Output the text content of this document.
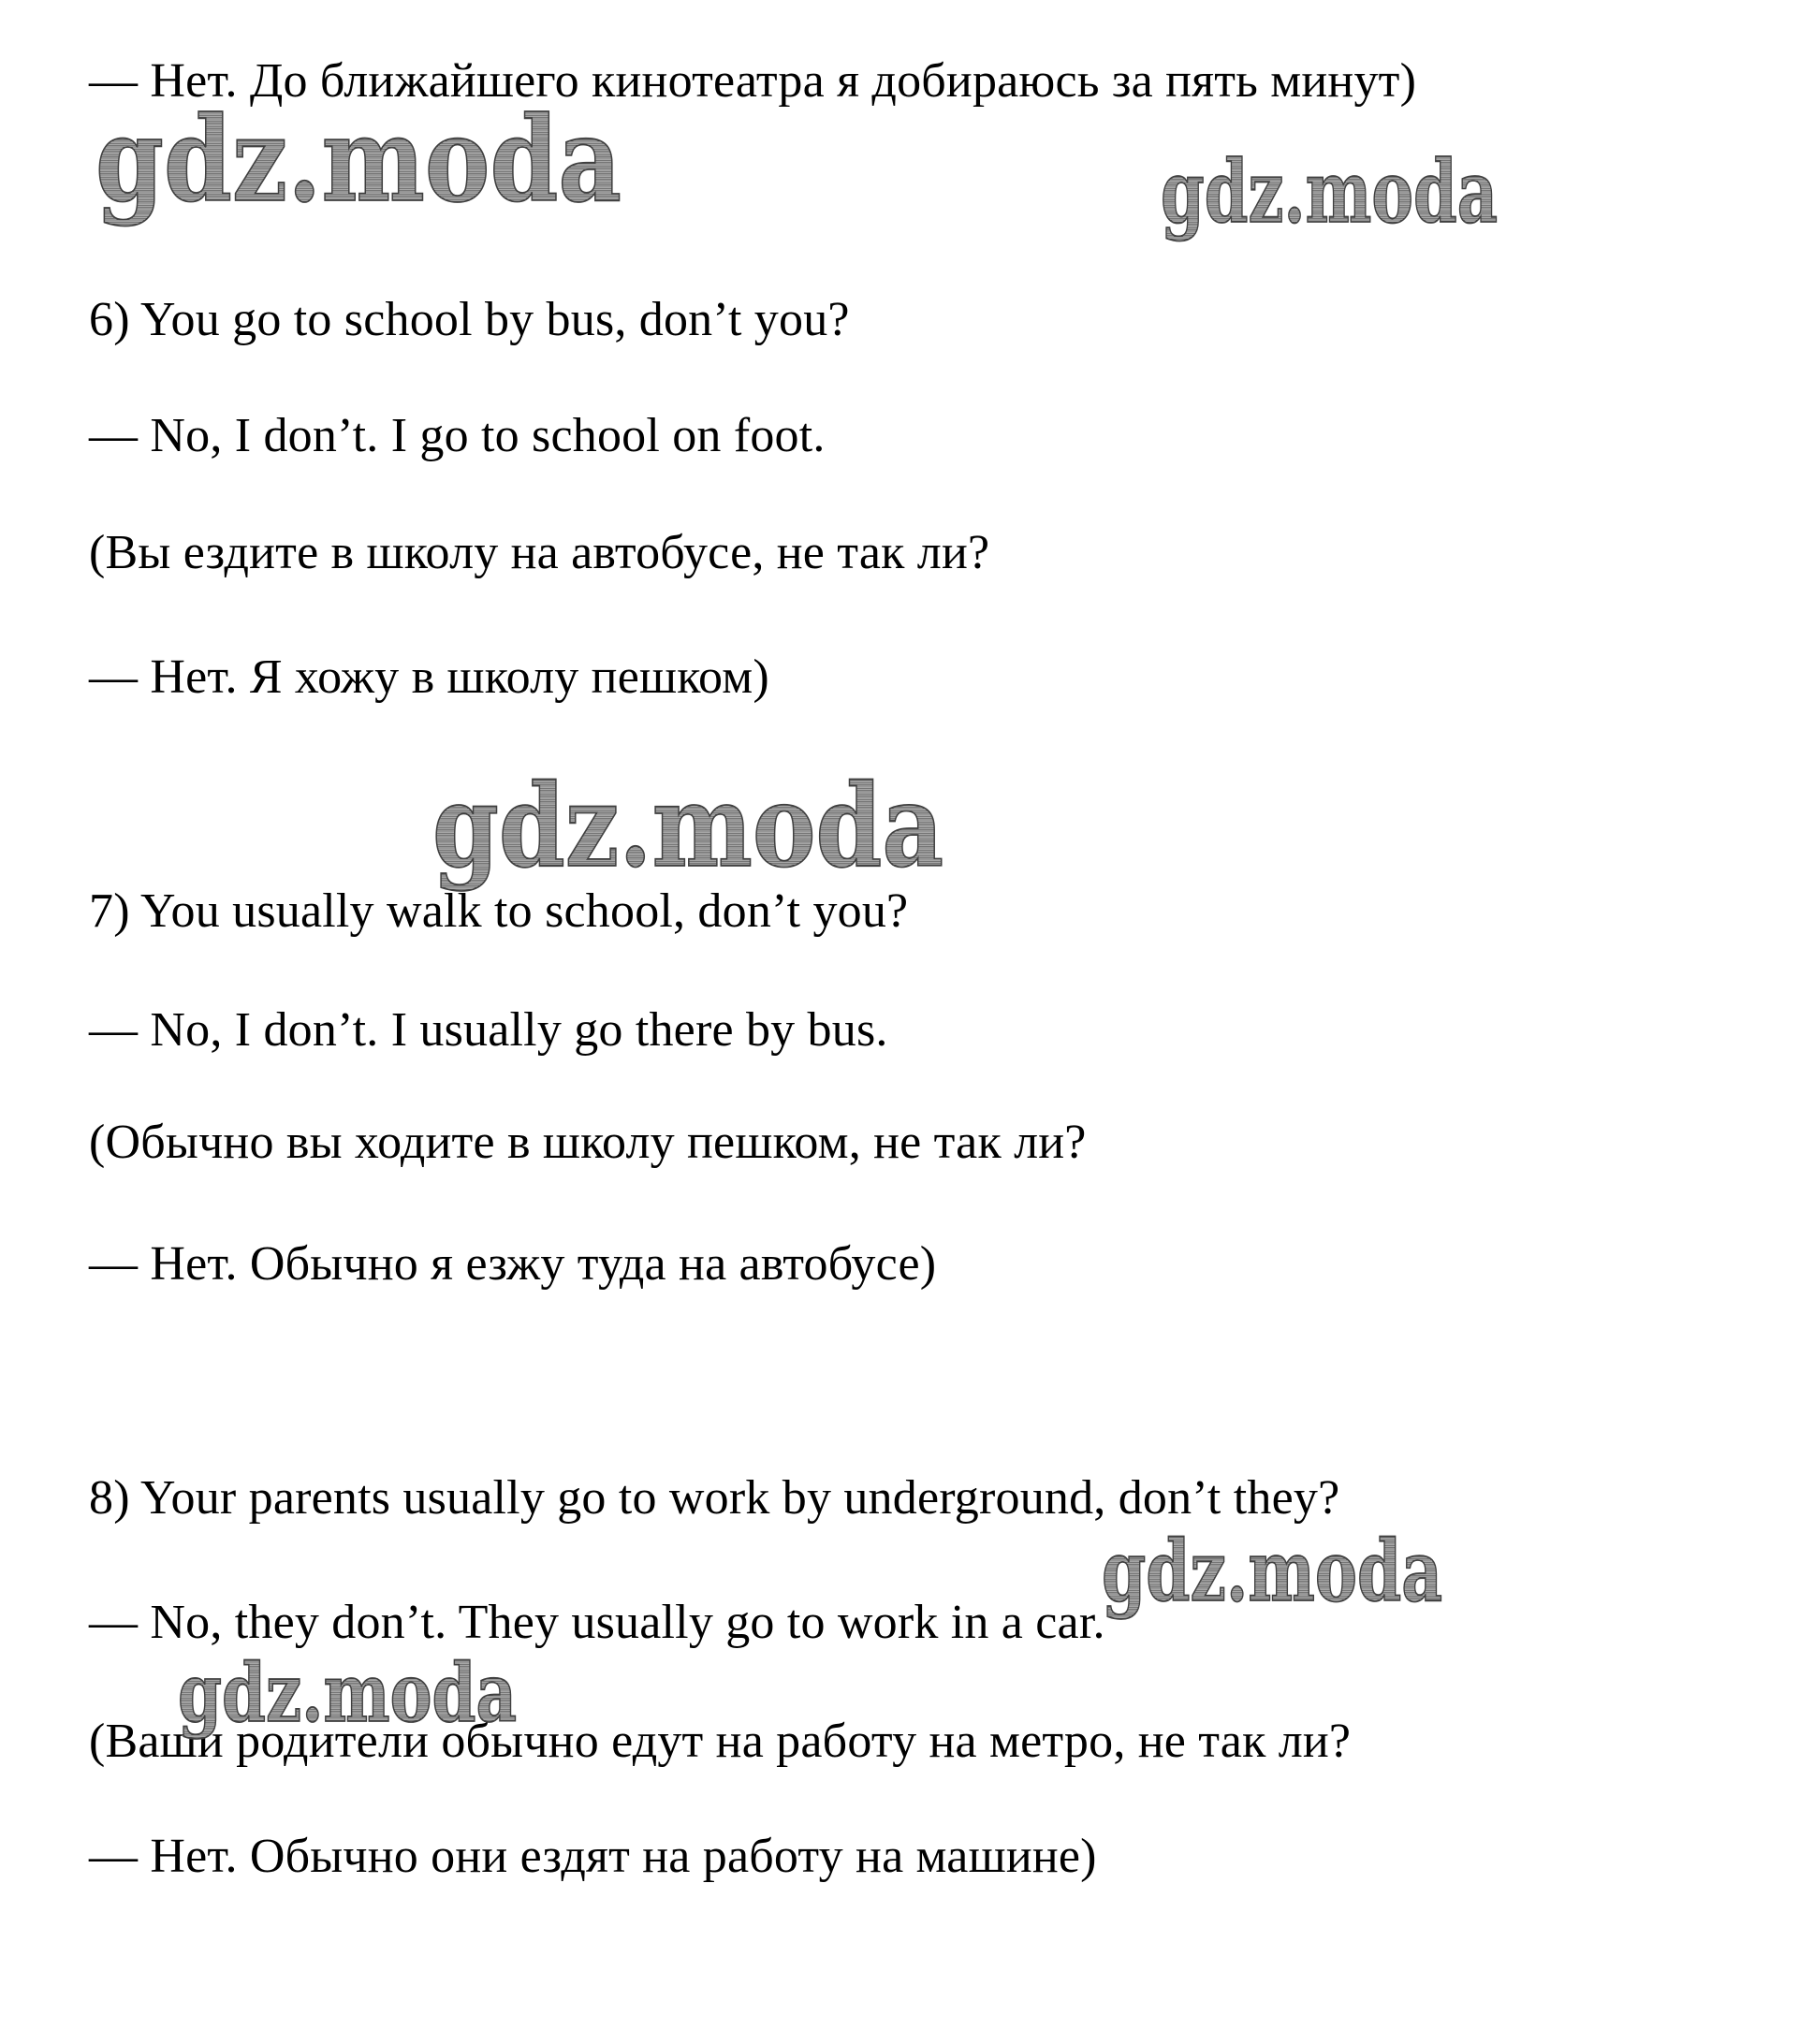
— Нет. До ближайшего кинотеатра я добираюсь за пять минут)

6) You go to school by bus, don’t you?

— No, I don’t. I go to school on foot.

(Вы ездите в школу на автобусе, не так ли?

— Нет. Я хожу в школу пешком)

7) You usually walk to school, don’t you?

— No, I don’t. I usually go there by bus.

(Обычно вы ходите в школу пешком, не так ли?

— Нет. Обычно я езжу туда на автобусе)

8) Your parents usually go to work by underground, don’t they?

— No, they don’t. They usually go to work in a car.

(Ваши родители обычно едут на работу на метро, не так ли?

— Нет. Обычно они ездят на работу на машине)

gdz.moda	gdz.moda
gdz.moda
gdz.moda
gdz.moda
